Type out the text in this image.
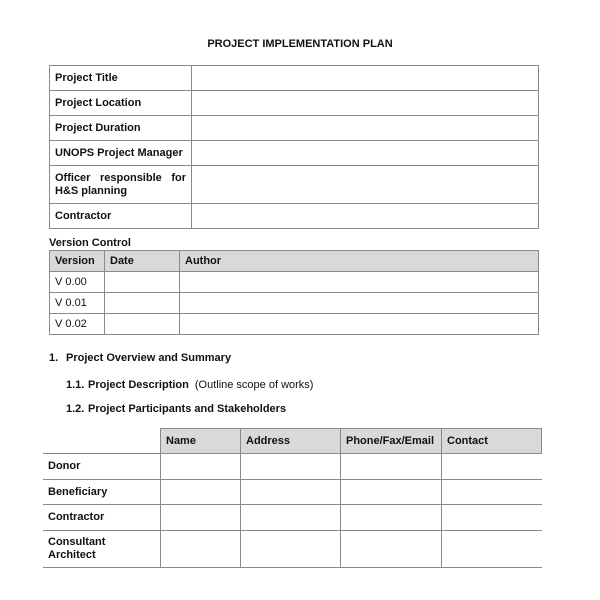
PROJECT IMPLEMENTATION PLAN
Project Title	
Project Location	
Project Duration	
UNOPS Project Manager	
Officer responsible for H&S planning	
Contractor	
Version Control
Version	Date	Author
V 0.00		
V 0.01		
V 0.02		
1. Project Overview and Summary
1.1. Project Description (Outline scope of works)
1.2. Project Participants and Stakeholders
	Name	Address	Phone/Fax/Email	Contact
Donor				
Beneficiary				
Contractor				
Consultant Architect				
